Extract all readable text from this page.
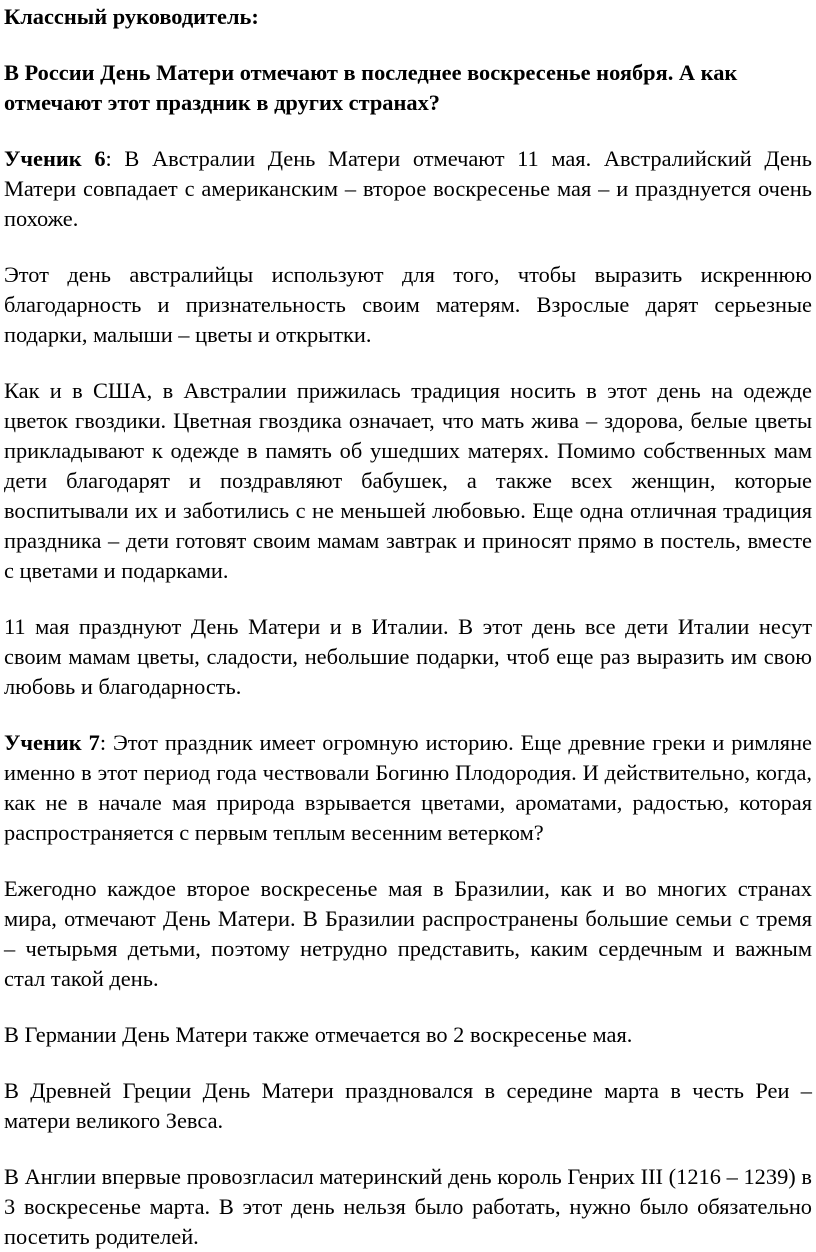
Классный руководитель:

В России День Матери отмечают в последнее воскресенье ноября. А как отмечают этот праздник в других странах?

Ученик 6: В Австралии День Матери отмечают 11 мая. Австралийский День Матери совпадает с американским – второе воскресенье мая – и празднуется очень похоже.

Этот день австралийцы используют для того, чтобы выразить искреннюю благодарность и признательность своим матерям. Взрослые дарят серьезные подарки, малыши – цветы и открытки.

Как и в США, в Австралии прижилась традиция носить в этот день на одежде цветок гвоздики. Цветная гвоздика означает, что мать жива – здорова, белые цветы прикладывают к одежде в память об ушедших матерях. Помимо собственных мам дети благодарят и поздравляют бабушек, а также всех женщин, которые воспитывали их и заботились с не меньшей любовью. Еще одна отличная традиция праздника – дети готовят своим мамам завтрак и приносят прямо в постель, вместе с цветами и подарками.

11 мая празднуют День Матери и в Италии. В этот день все дети Италии несут своим мамам цветы, сладости, небольшие подарки, чтоб еще раз выразить им свою любовь и благодарность.

Ученик 7: Этот праздник имеет огромную историю. Еще древние греки и римляне именно в этот период года чествовали Богиню Плодородия. И действительно, когда, как не в начале мая природа взрывается цветами, ароматами, радостью, которая распространяется с первым теплым весенним ветерком?

Ежегодно каждое второе воскресенье мая в Бразилии, как и во многих странах мира, отмечают День Матери. В Бразилии распространены большие семьи с тремя – четырьмя детьми, поэтому нетрудно представить, каким сердечным и важным стал такой день.

В Германии День Матери также отмечается во 2 воскресенье мая.

В Древней Греции День Матери праздновался в середине марта в честь Реи – матери великого Зевса.

В Англии впервые провозгласил материнский день король Генрих III (1216 – 1239) в 3 воскресенье марта. В этот день нельзя было работать, нужно было обязательно посетить родителей.
